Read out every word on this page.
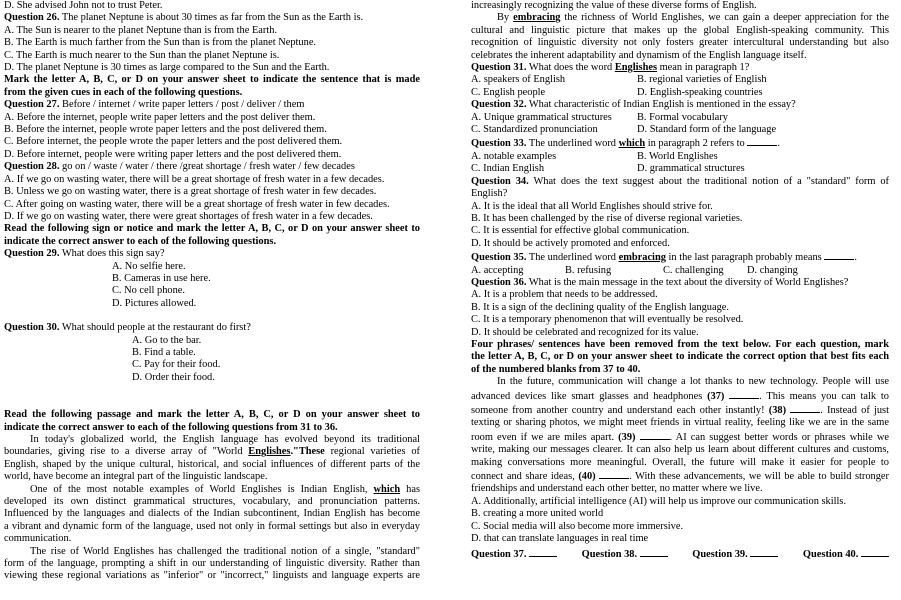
D. She advised John not to trust Peter.
Question 26. The planet Neptune is about 30 times as far from the Sun as the Earth is.
A. The Sun is nearer to the planet Neptune than is from the Earth.
B. The Earth is much farther from the Sun than is from the planet Neptune.
C. The Earth is much nearer to the Sun than the planet Neptune is.
D. The planet Neptune is 30 times as large compared to the Sun and the Earth.
Mark the letter A, B, C, or D on your answer sheet to indicate the sentence that is made
from the given cues in each of the following questions.
Question 27. Before / internet / write paper letters / post / deliver / them
A. Before the internet, people write paper letters and the post deliver them.
B. Before the internet, people wrote paper letters and the post delivered them.
C. Before internet, the people wrote the paper letters and the post delivered them.
D. Before internet, people were writing paper letters and the post delivered them.
Question 28. go on / waste / water / there /great shortage / fresh water / few decades
A. If we go on wasting water, there will be a great shortage of fresh water in a few decades.
B. Unless we go on wasting water, there is a great shortage of fresh water in few decades.
C. After going on wasting water, there will be a great shortage of fresh water in few decades.
D. If we go on wasting water, there were great shortages of fresh water in a few decades.
Read the following sign or notice and mark the letter A, B, C, or D on your answer sheet to
indicate the correct answer to each of the following questions.
Question 29. What does this sign say?
A. No selfie here.
B. Cameras in use here.
C. No cell phone.
D. Pictures allowed.
Question 30. What should people at the restaurant do first?
A. Go to the bar.
B. Find a table.
C. Pay for their food.
D. Order their food.
Read the following passage and mark the letter A, B, C, or D on your answer sheet to
indicate the correct answer to each of the following questions from 31 to 36.
In today's globalized world, the English language has evolved beyond its traditional
boundaries, giving rise to a diverse array of "World Englishes."These regional varieties of
English, shaped by the unique cultural, historical, and social influences of different parts of the
world, have become an integral part of the linguistic landscape.
One of the most notable examples of World Englishes is Indian English, which has
developed its own distinct grammatical structures, vocabulary, and pronunciation patterns.
Influenced by the languages and dialects of the Indian subcontinent, Indian English has become
a vibrant and dynamic form of the language, used not only in formal settings but also in everyday
communication.
The rise of World Englishes has challenged the traditional notion of a single, "standard"
form of the language, prompting a shift in our understanding of linguistic diversity. Rather than
viewing these regional variations as "inferior" or "incorrect," linguists and language experts are
increasingly recognizing the value of these diverse forms of English.
By embracing the richness of World Englishes, we can gain a deeper appreciation for the
cultural and linguistic picture that makes up the global English-speaking community. This
recognition of linguistic diversity not only fosters greater intercultural understanding but also
celebrates the inherent adaptability and dynamism of the English language itself.
Question 31. What does the word Englishes mean in paragraph 1?
A. speakers of English	B. regional varieties of English
C. English people	D. English-speaking countries
Question 32. What characteristic of Indian English is mentioned in the essay?
A. Unique grammatical structures	B. Formal vocabulary
C. Standardized pronunciation	D. Standard form of the language
Question 33. The underlined word which in paragraph 2 refers to	.
A. notable examples	B. World Englishes
C. Indian English	D. grammatical structures
Question 34. What does the text suggest about the traditional notion of a "standard" form of
English?
A. It is the ideal that all World Englishes should strive for.
B. It has been challenged by the rise of diverse regional varieties.
C. It is essential for effective global communication.
D. It should be actively promoted and enforced.
Question 35. The underlined word embracing in the last paragraph probably means	.
A. accepting	B. refusing	C. challenging	D. changing
Question 36. What is the main message in the text about the diversity of World Englishes?
A. It is a problem that needs to be addressed.
B. It is a sign of the declining quality of the English language.
C. It is a temporary phenomenon that will eventually be resolved.
D. It should be celebrated and recognized for its value.
Four phrases/ sentences have been removed from the text below. For each question, mark
the letter A, B, C, or D on your answer sheet to indicate the correct option that best fits each
of the numbered blanks from 37 to 40.
In the future, communication will change a lot thanks to new technology. People will use
advanced devices like smart glasses and headphones (37)	. This means you can talk to
someone from another country and understand each other instantly! (38)	. Instead of just
texting or sharing photos, we might meet friends in virtual reality, feeling like we are in the same
room even if we are miles apart. (39)	. AI can suggest better words or phrases while we
write, making our messages clearer. It can also help us learn about different cultures and customs,
making conversations more meaningful. Overall, the future will make it easier for people to
connect and share ideas, (40)	. With these advancements, we will be able to build stronger
friendships and understand each other better, no matter where we live.
A. Additionally, artificial intelligence (AI) will help us improve our communication skills.
B. creating a more united world
C. Social media will also become more immersive.
D. that can translate languages in real time
Question 37.	Question 38.	Question 39.	Question 40.
